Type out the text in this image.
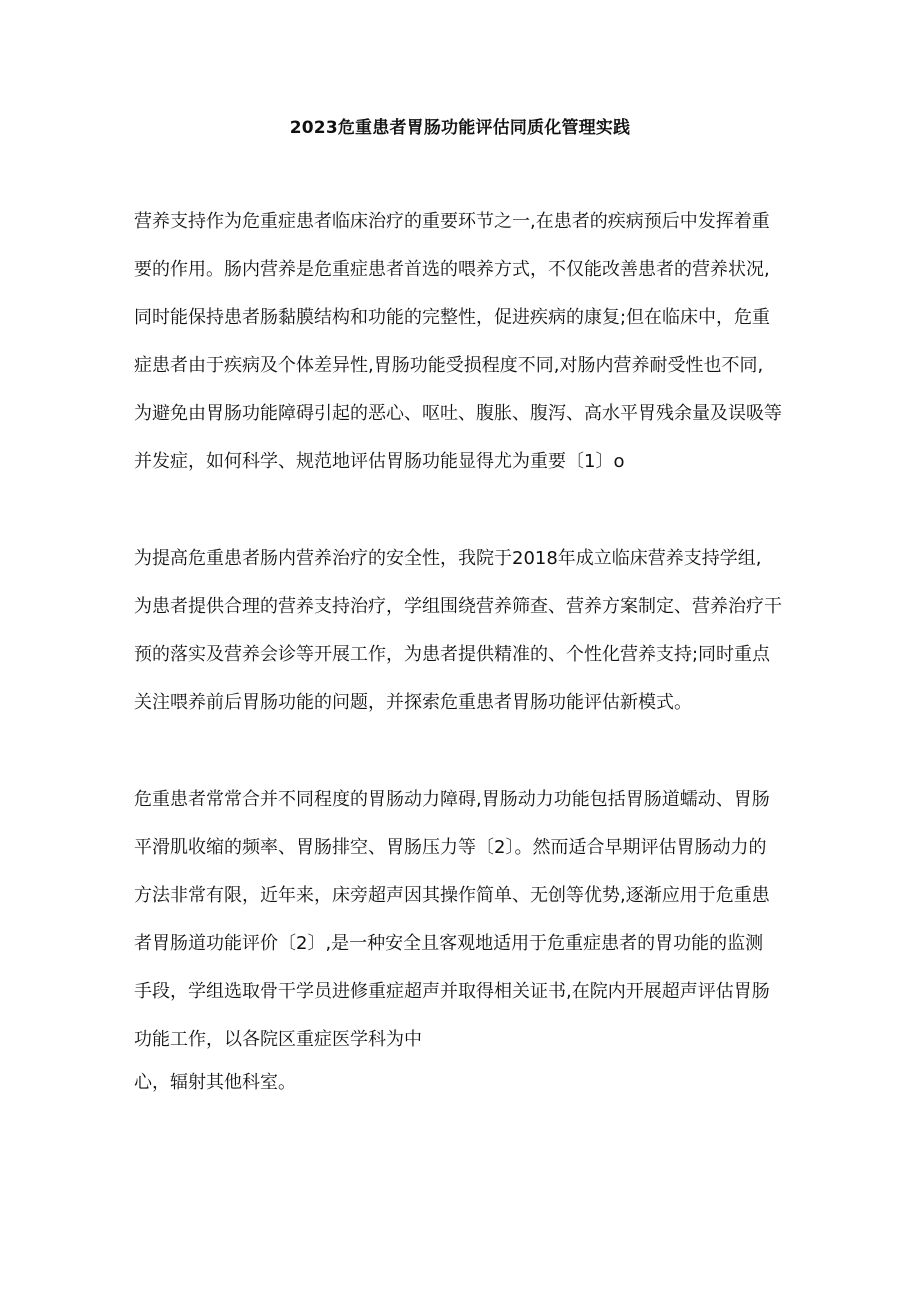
2023危重患者胃肠功能评估同质化管理实践
营养支持作为危重症患者临床治疗的重要环节之一,在患者的疾病预后中发挥着重
要的作用。肠内营养是危重症患者首选的喂养方式，不仅能改善患者的营养状况,
同时能保持患者肠黏膜结构和功能的完整性，促进疾病的康复;但在临床中，危重
症患者由于疾病及个体差异性,胃肠功能受损程度不同,对肠内营养耐受性也不同,
为避免由胃肠功能障碍引起的恶心、呕吐、腹胀、腹泻、高水平胃残余量及误吸等
并发症，如何科学、规范地评估胃肠功能显得尤为重要〔1〕o
为提高危重患者肠内营养治疗的安全性，我院于2018年成立临床营养支持学组,
为患者提供合理的营养支持治疗，学组围绕营养筛查、营养方案制定、营养治疗干
预的落实及营养会诊等开展工作，为患者提供精准的、个性化营养支持;同时重点
关注喂养前后胃肠功能的问题，并探索危重患者胃肠功能评估新模式。
危重患者常常合并不同程度的胃肠动力障碍,胃肠动力功能包括胃肠道蠕动、胃肠
平滑肌收缩的频率、胃肠排空、胃肠压力等〔2〕。然而适合早期评估胃肠动力的
方法非常有限，近年来，床旁超声因其操作简单、无创等优势,逐渐应用于危重患
者胃肠道功能评价〔2〕,是一种安全且客观地适用于危重症患者的胃功能的监测
手段，学组选取骨干学员进修重症超声并取得相关证书,在院内开展超声评估胃肠
功能工作，以各院区重症医学科为中
心，辐射其他科室。
